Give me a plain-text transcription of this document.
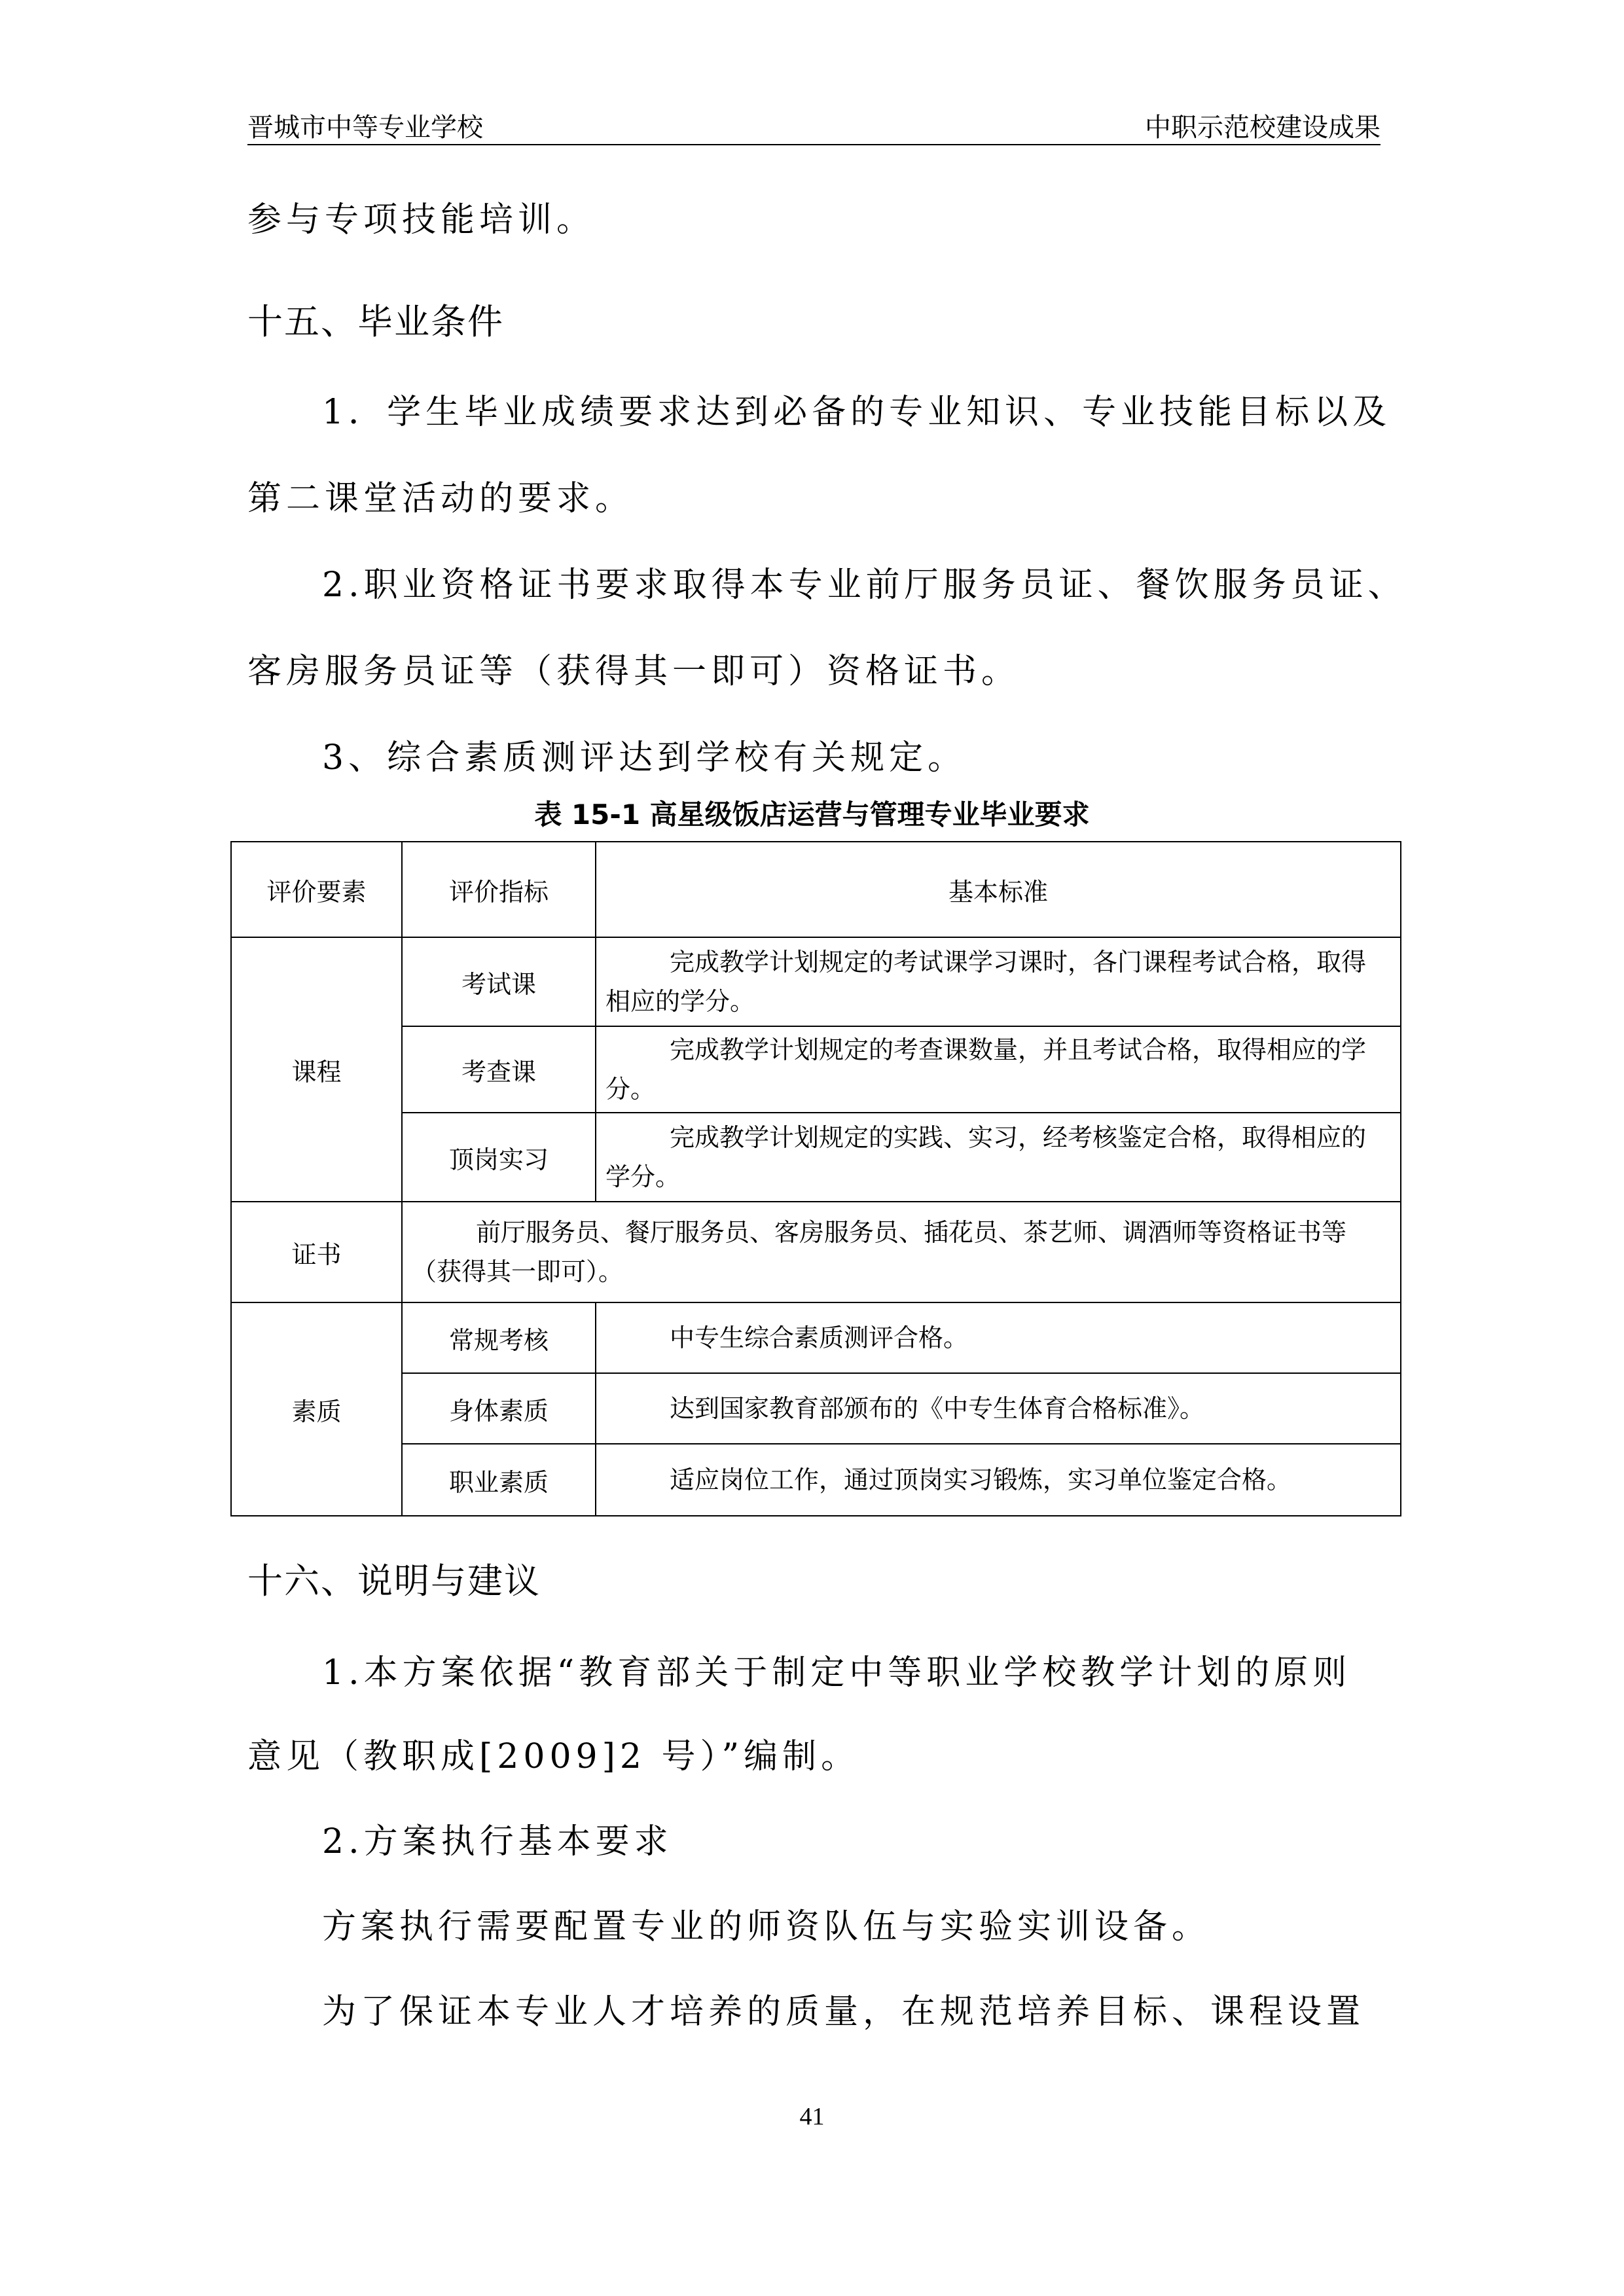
晋城市中等专业学校	中职示范校建设成果
参与专项技能培训。
十五、毕业条件
1．学生毕业成绩要求达到必备的专业知识、专业技能目标以及
第二课堂活动的要求。
2.职业资格证书要求取得本专业前厅服务员证、餐饮服务员证、
客房服务员证等（获得其一即可）资格证书。
3、综合素质测评达到学校有关规定。
表 15-1 高星级饭店运营与管理专业毕业要求
评价要素	评价指标	基本标准
课程	考试课	完成教学计划规定的考试课学习课时，各门课程考试合格，取得相应的学分。
	考查课	完成教学计划规定的考查课数量，并且考试合格，取得相应的学分。
	顶岗实习	完成教学计划规定的实践、实习，经考核鉴定合格，取得相应的学分。
证书	前厅服务员、餐厅服务员、客房服务员、插花员、茶艺师、调酒师等资格证书等（获得其一即可）。	
素质	常规考核	中专生综合素质测评合格。
	身体素质	达到国家教育部颁布的《中专生体育合格标准》。
	职业素质	适应岗位工作，通过顶岗实习锻炼，实习单位鉴定合格。
十六、说明与建议
1.本方案依据“教育部关于制定中等职业学校教学计划的原则
意见（教职成[2009]2 号）”编制。
2.方案执行基本要求
方案执行需要配置专业的师资队伍与实验实训设备。
为了保证本专业人才培养的质量，在规范培养目标、课程设置
41
